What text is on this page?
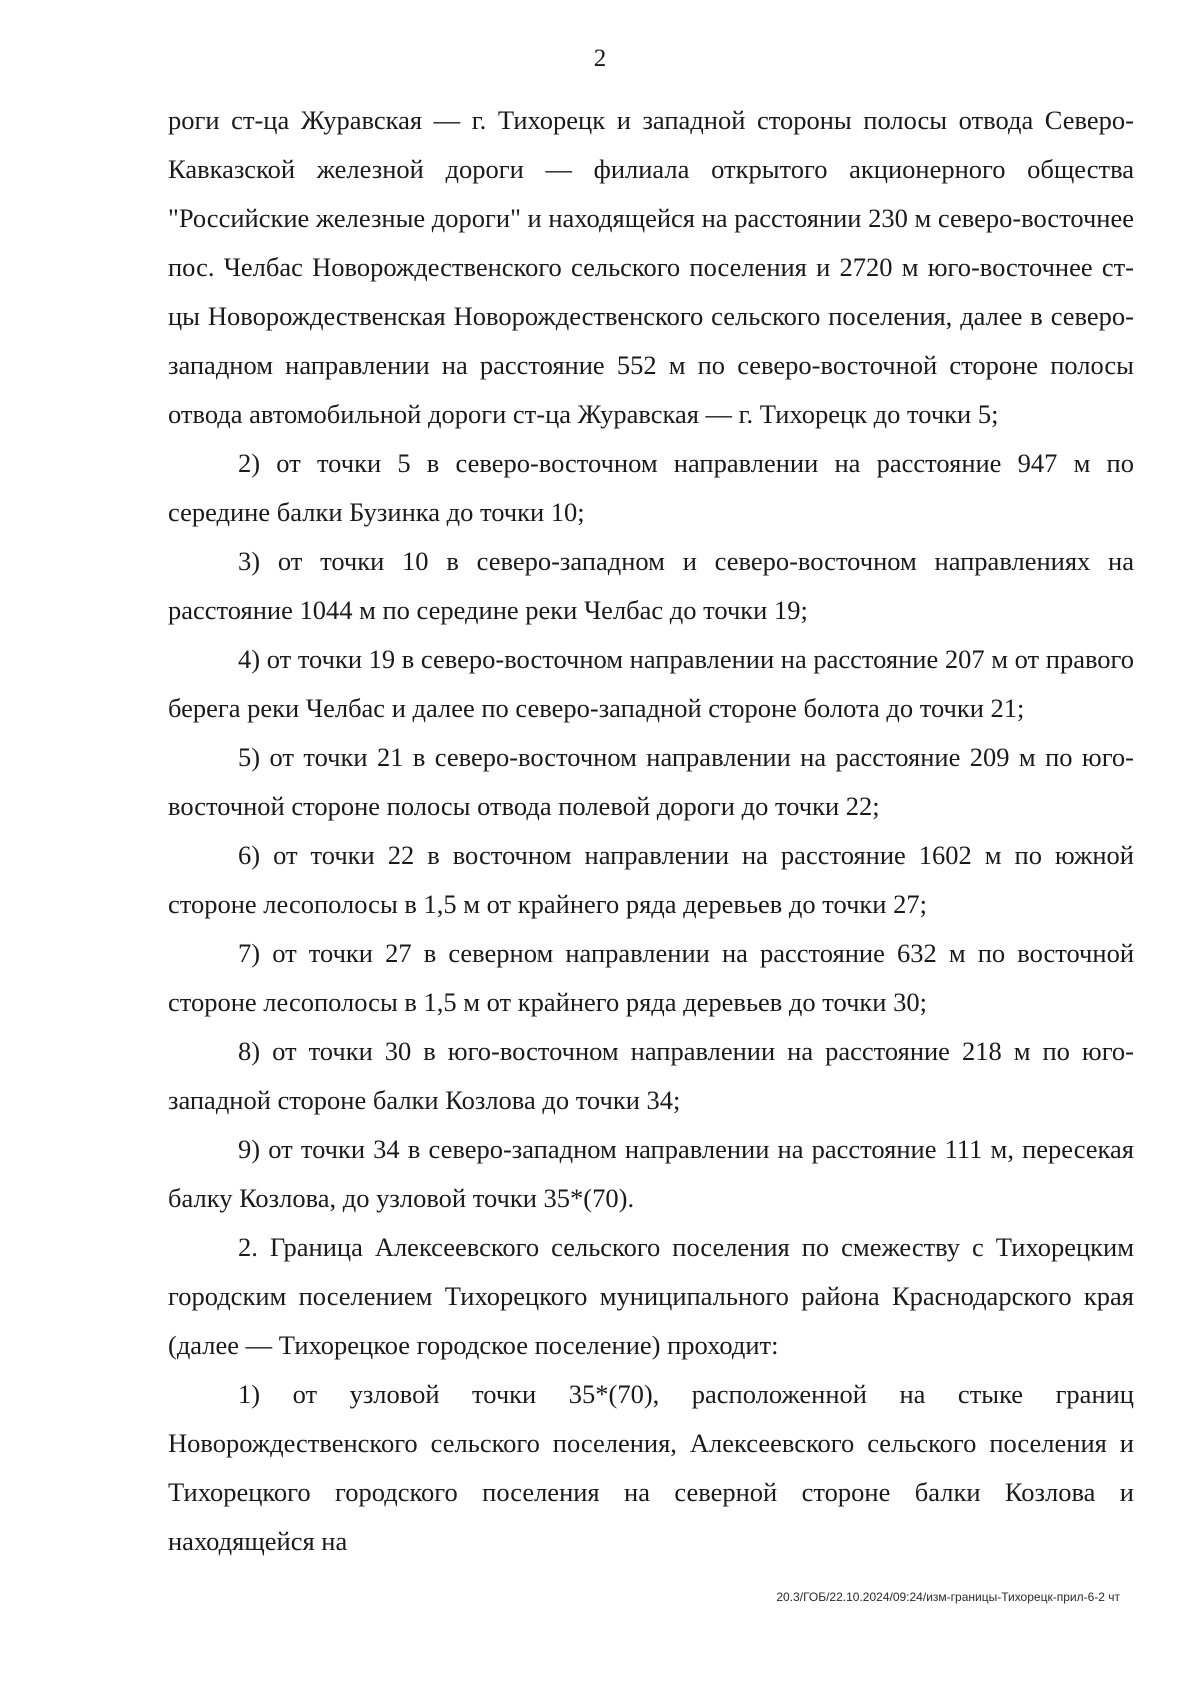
2

роги ст-ца Журавская — г. Тихорецк и западной стороны полосы отвода Северо-Кавказской железной дороги — филиала открытого акционерного общества "Российские железные дороги" и находящейся на расстоянии 230 м северо-восточнее пос. Челбас Новорождественского сельского поселения и 2720 м юго-восточнее ст-цы Новорождественская Новорождественского сельского поселения, далее в северо-западном направлении на расстояние 552 м по северо-восточной стороне полосы отвода автомобильной дороги ст-ца Журавская — г. Тихорецк до точки 5;

2) от точки 5 в северо-восточном направлении на расстояние 947 м по середине балки Бузинка до точки 10;

3) от точки 10 в северо-западном и северо-восточном направлениях на расстояние 1044 м по середине реки Челбас до точки 19;

4) от точки 19 в северо-восточном направлении на расстояние 207 м от правого берега реки Челбас и далее по северо-западной стороне болота до точки 21;

5) от точки 21 в северо-восточном направлении на расстояние 209 м по юго-восточной стороне полосы отвода полевой дороги до точки 22;

6) от точки 22 в восточном направлении на расстояние 1602 м по южной стороне лесополосы в 1,5 м от крайнего ряда деревьев до точки 27;

7) от точки 27 в северном направлении на расстояние 632 м по восточной стороне лесополосы в 1,5 м от крайнего ряда деревьев до точки 30;

8) от точки 30 в юго-восточном направлении на расстояние 218 м по юго-западной стороне балки Козлова до точки 34;

9) от точки 34 в северо-западном направлении на расстояние 111 м, пересекая балку Козлова, до узловой точки 35*(70).

2. Граница Алексеевского сельского поселения по смежеству с Тихорецким городским поселением Тихорецкого муниципального района Краснодарского края (далее — Тихорецкое городское поселение) проходит:

1) от узловой точки 35*(70), расположенной на стыке границ Новорождественского сельского поселения, Алексеевского сельского поселения и Тихорецкого городского поселения на северной стороне балки Козлова и находящейся на

20.3/ГОБ/22.10.2024/09:24/изм-границы-Тихорецк-прил-6-2 чт
